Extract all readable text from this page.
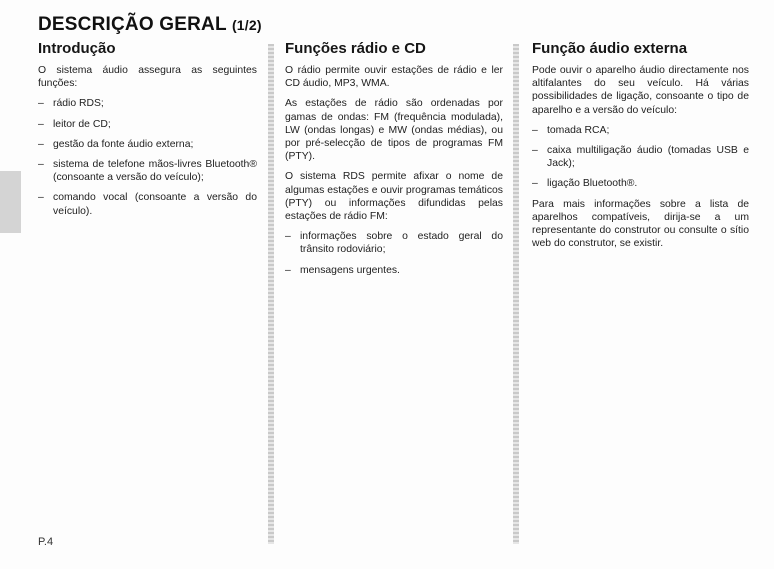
DESCRIÇÃO GERAL (1/2)
Introdução

O sistema áudio assegura as seguintes funções:

– rádio RDS;
– leitor de CD;
– gestão da fonte áudio externa;
– sistema de telefone mãos-livres Bluetooth® (consoante a versão do veículo);
– comando vocal (consoante a versão do veículo).
Funções rádio e CD

O rádio permite ouvir estações de rádio e ler CD áudio, MP3, WMA.

As estações de rádio são ordenadas por gamas de ondas: FM (frequência modulada), LW (ondas longas) e MW (ondas médias), ou por pré-selecção de tipos de programas FM (PTY).

O sistema RDS permite afixar o nome de algumas estações e ouvir programas temáticos (PTY) ou informações difundidas pelas estações de rádio FM:

– informações sobre o estado geral do trânsito rodoviário;
– mensagens urgentes.
Função áudio externa

Pode ouvir o aparelho áudio directamente nos altifalantes do seu veículo. Há várias possibilidades de ligação, consoante o tipo de aparelho e a versão do veículo:

– tomada RCA;
– caixa multiligação áudio (tomadas USB e Jack);
– ligação Bluetooth®.

Para mais informações sobre a lista de aparelhos compatíveis, dirija-se a um representante do construtor ou consulte o sítio web do construtor, se existir.

P.4
